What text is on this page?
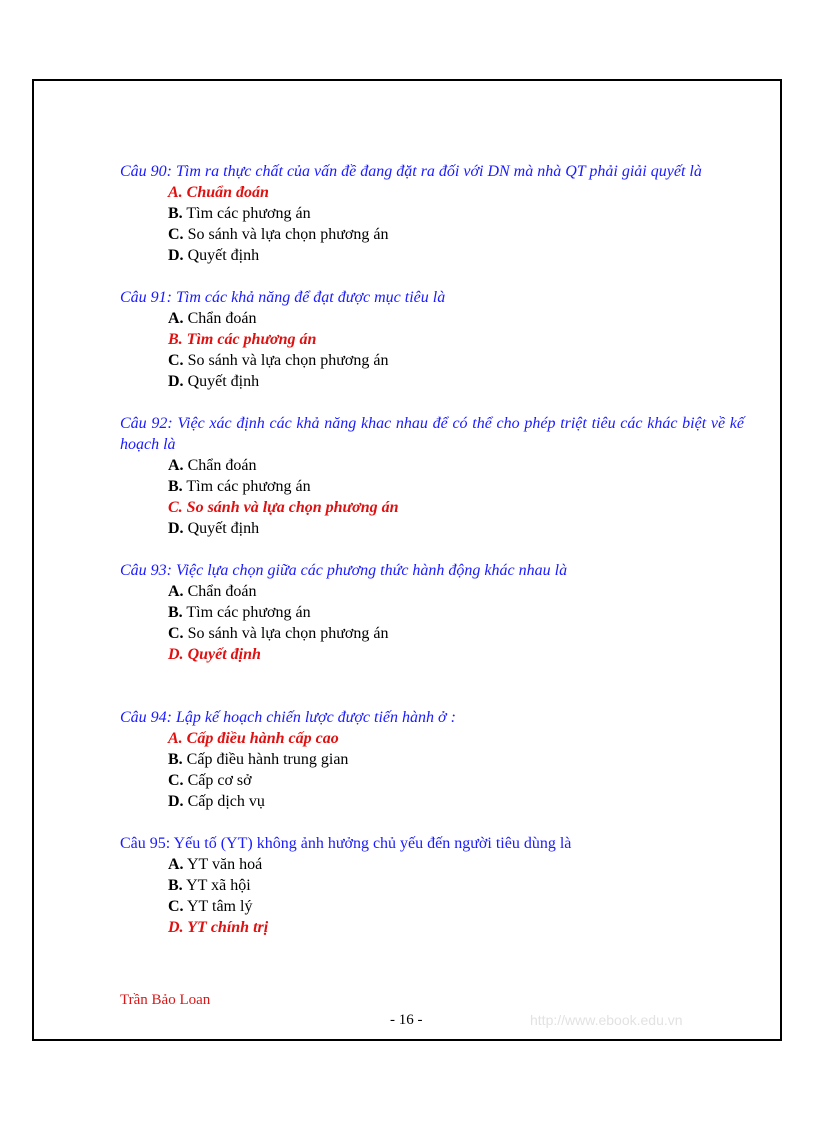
Câu 90: Tìm ra thực chất của vấn đề đang đặt ra đối với DN mà nhà QT phải giải quyết là
A. Chuẩn đoán
B. Tìm các phương án
C. So sánh và lựa chọn phương án
D. Quyết định
Câu 91: Tìm các khả năng để đạt được mục tiêu là
A. Chẩn đoán
B. Tìm các phương án
C. So sánh và lựa chọn phương án
D. Quyết định
Câu 92: Việc xác định các khả năng khac nhau để có thể cho phép triệt tiêu các khác biệt về kế hoạch là
A. Chẩn đoán
B. Tìm các phương án
C. So sánh và lựa chọn phương án
D. Quyết định
Câu 93: Việc lựa chọn giữa các phương thức hành động khác nhau là
A. Chẩn đoán
B. Tìm các phương án
C. So sánh và lựa chọn phương án
D. Quyết định
Câu 94: Lập kế hoạch chiến lược được tiến hành ở :
A. Cấp điều hành cấp cao
B. Cấp điều hành trung gian
C. Cấp cơ sở
D. Cấp dịch vụ
Câu 95: Yếu tố (YT) không ảnh hưởng chủ yếu đến người tiêu dùng là
A. YT văn hoá
B. YT xã hội
C. YT tâm lý
D. YT chính trị
Trần Bảo Loan
- 16 -	http://www.ebook.edu.vn
